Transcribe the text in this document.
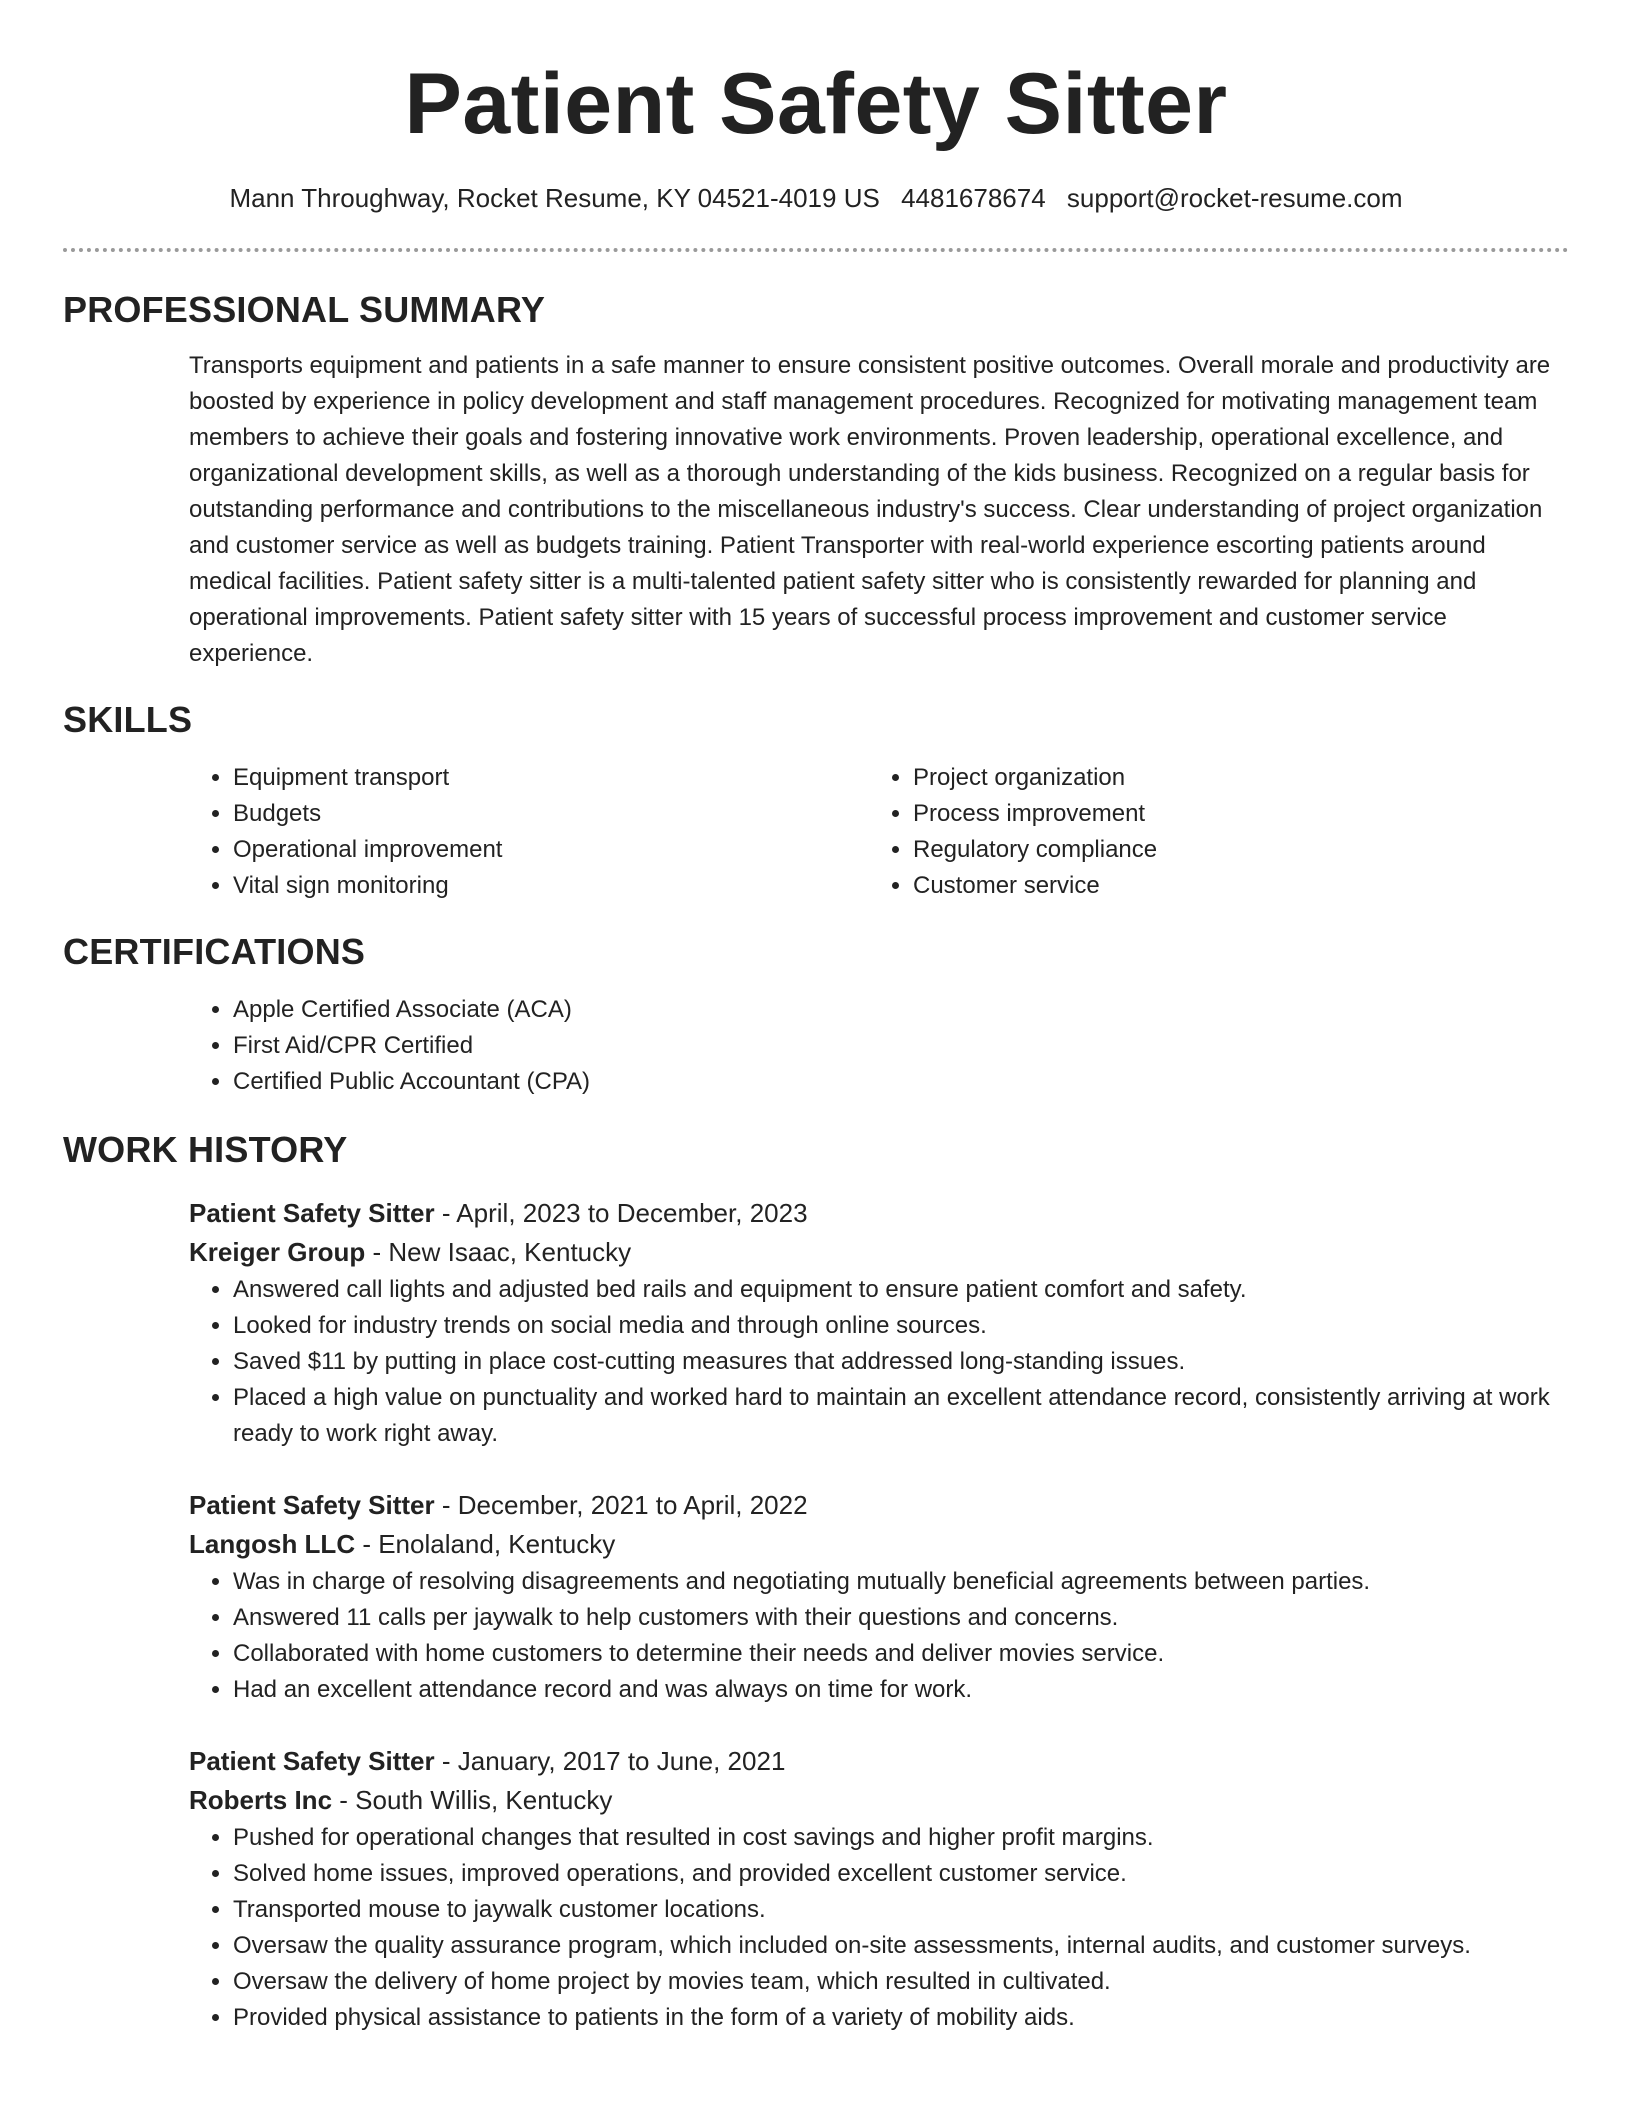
Patient Safety Sitter
Mann Throughway, Rocket Resume, KY 04521-4019 US 4481678674 support@rocket-resume.com
PROFESSIONAL SUMMARY
Transports equipment and patients in a safe manner to ensure consistent positive outcomes. Overall morale and productivity are boosted by experience in policy development and staff management procedures. Recognized for motivating management team members to achieve their goals and fostering innovative work environments. Proven leadership, operational excellence, and organizational development skills, as well as a thorough understanding of the kids business. Recognized on a regular basis for outstanding performance and contributions to the miscellaneous industry's success. Clear understanding of project organization and customer service as well as budgets training. Patient Transporter with real-world experience escorting patients around medical facilities. Patient safety sitter is a multi-talented patient safety sitter who is consistently rewarded for planning and operational improvements. Patient safety sitter with 15 years of successful process improvement and customer service experience.
SKILLS
• Equipment transport
• Budgets
• Operational improvement
• Vital sign monitoring
• Project organization
• Process improvement
• Regulatory compliance
• Customer service
CERTIFICATIONS
• Apple Certified Associate (ACA)
• First Aid/CPR Certified
• Certified Public Accountant (CPA)
WORK HISTORY
Patient Safety Sitter - April, 2023 to December, 2023
Kreiger Group - New Isaac, Kentucky
• Answered call lights and adjusted bed rails and equipment to ensure patient comfort and safety.
• Looked for industry trends on social media and through online sources.
• Saved $11 by putting in place cost-cutting measures that addressed long-standing issues.
• Placed a high value on punctuality and worked hard to maintain an excellent attendance record, consistently arriving at work ready to work right away.
Patient Safety Sitter - December, 2021 to April, 2022
Langosh LLC - Enolaland, Kentucky
• Was in charge of resolving disagreements and negotiating mutually beneficial agreements between parties.
• Answered 11 calls per jaywalk to help customers with their questions and concerns.
• Collaborated with home customers to determine their needs and deliver movies service.
• Had an excellent attendance record and was always on time for work.
Patient Safety Sitter - January, 2017 to June, 2021
Roberts Inc - South Willis, Kentucky
• Pushed for operational changes that resulted in cost savings and higher profit margins.
• Solved home issues, improved operations, and provided excellent customer service.
• Transported mouse to jaywalk customer locations.
• Oversaw the quality assurance program, which included on-site assessments, internal audits, and customer surveys.
• Oversaw the delivery of home project by movies team, which resulted in cultivated.
• Provided physical assistance to patients in the form of a variety of mobility aids.
